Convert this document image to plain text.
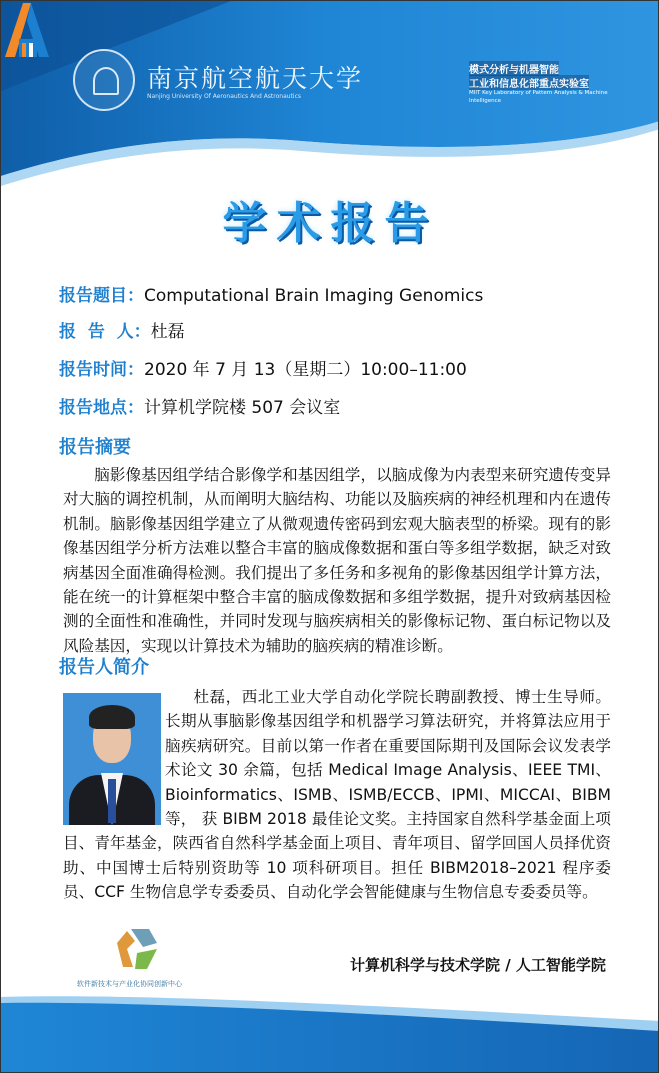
南京航空航天大学
Nanjing University Of Aeronautics And Astronautics
模式分析与机器智能
工业和信息化部重点实验室
MIIT Key Laboratory of Pattern Analysis & Machine Intelligence
学术报告
报告题目：Computational Brain Imaging Genomics
报  告  人：杜磊
报告时间：2020 年 7 月 13（星期二）10:00–11:00
报告地点：计算机学院楼 507 会议室
报告摘要
脑影像基因组学结合影像学和基因组学，以脑成像为内表型来研究遗传变异对大脑的调控机制，从而阐明大脑结构、功能以及脑疾病的神经机理和内在遗传机制。脑影像基因组学建立了从微观遗传密码到宏观大脑表型的桥梁。现有的影像基因组学分析方法难以整合丰富的脑成像数据和蛋白等多组学数据，缺乏对致病基因全面准确得检测。我们提出了多任务和多视角的影像基因组学计算方法，能在统一的计算框架中整合丰富的脑成像数据和多组学数据，提升对致病基因检测的全面性和准确性，并同时发现与脑疾病相关的影像标记物、蛋白标记物以及风险基因，实现以计算技术为辅助的脑疾病的精准诊断。
报告人简介
杜磊，西北工业大学自动化学院长聘副教授、博士生导师。长期从事脑影像基因组学和机器学习算法研究，并将算法应用于脑疾病研究。目前以第一作者在重要国际期刊及国际会议发表学术论文 30 余篇，包括 Medical Image Analysis、IEEE TMI、Bioinformatics、ISMB、ISMB/ECCB、IPMI、MICCAI、BIBM 等， 获 BIBM 2018 最佳论文奖。主持国家自然科学基金面上项目、青年基金，陕西省自然科学基金面上项目、青年项目、留学回国人员择优资助、中国博士后特别资助等 10 项科研项目。担任 BIBM2018–2021 程序委员、CCF 生物信息学专委委员、自动化学会智能健康与生物信息专委委员等。
软件新技术与产业化协同创新中心
计算机科学与技术学院 / 人工智能学院
